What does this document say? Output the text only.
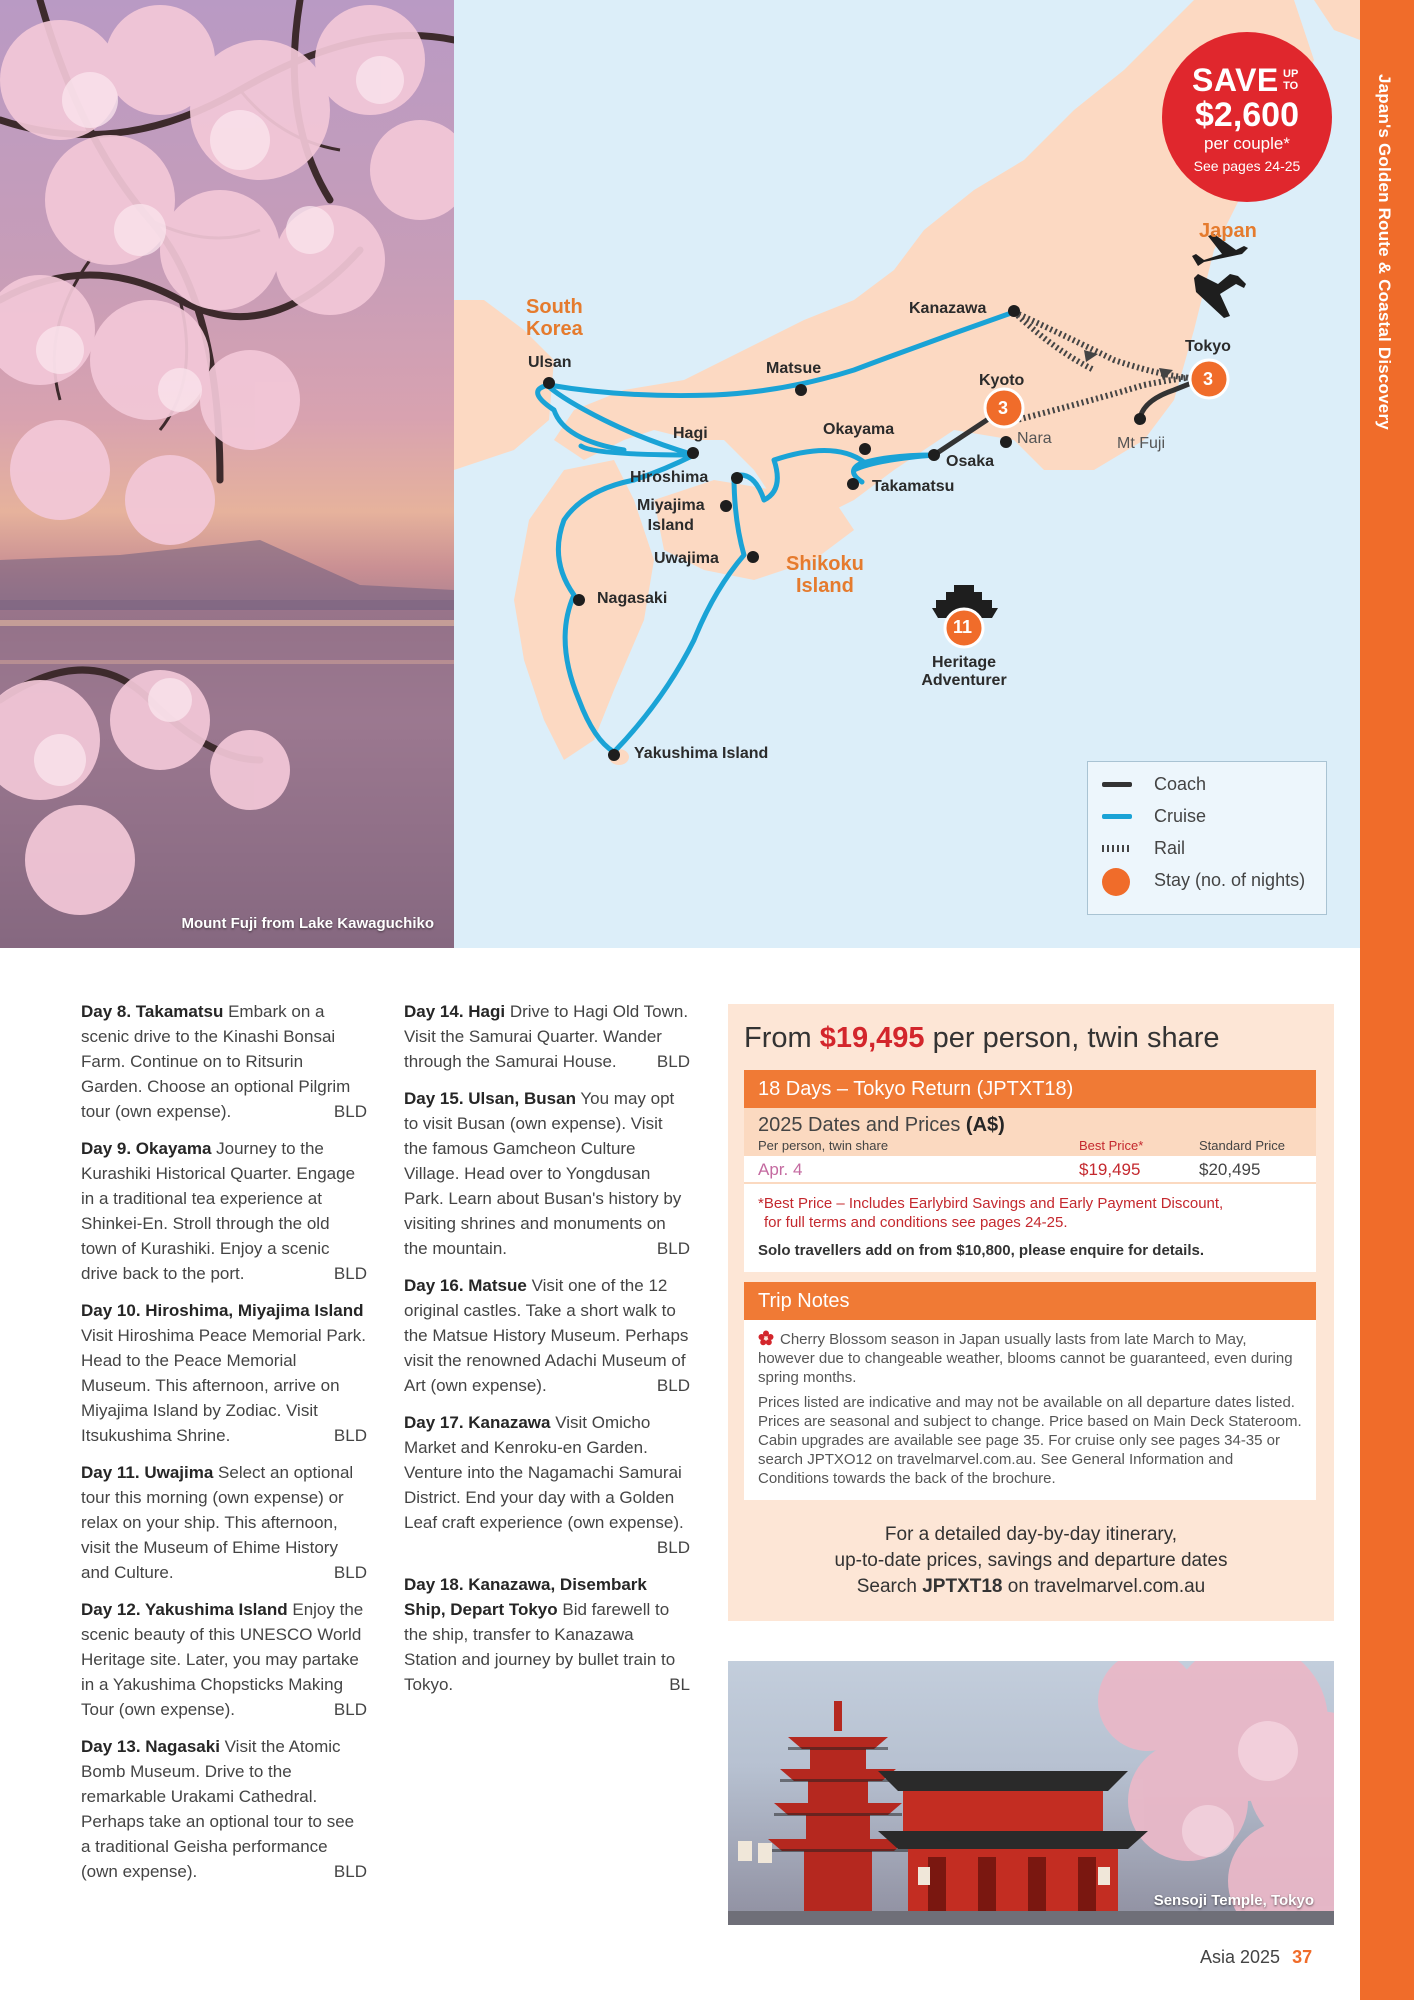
Mount Fuji from Lake Kawaguchiko
South
Korea
Japan
Shikoku
Island
Ulsan	Matsue
Kanazawa
Kyoto
Tokyo
Hagi	Okayama
Hiroshima
Miyajima
Island
Takamatsu
Osaka
Nara	Mt Fuji
Uwajima
Nagasaki
Yakushima Island
Heritage
Adventurer
3
3
11
Coach
Cruise
Rail
Stay (no. of nights)
SAVE UP
TO
$2,600
per couple*
See pages 24-25	Japan's Golden Route & Coastal Discovery
Day 8. Takamatsu Embark on a scenic drive to the Kinashi Bonsai Farm. Continue on to Ritsurin Garden. Choose an optional Pilgrim tour (own expense).	BLD
Day 9. Okayama Journey to the Kurashiki Historical Quarter. Engage in a traditional tea experience at Shinkei-En. Stroll through the old town of Kurashiki. Enjoy a scenic drive back to the port.	BLD
Day 10. Hiroshima, Miyajima Island Visit Hiroshima Peace Memorial Park. Head to the Peace Memorial Museum. This afternoon, arrive on Miyajima Island by Zodiac. Visit Itsukushima Shrine.	BLD
Day 11. Uwajima Select an optional tour this morning (own expense) or relax on your ship. This afternoon, visit the Museum of Ehime History and Culture.	BLD
Day 12. Yakushima Island Enjoy the scenic beauty of this UNESCO World Heritage site. Later, you may partake in a Yakushima Chopsticks Making Tour (own expense).	BLD
Day 13. Nagasaki Visit the Atomic Bomb Museum. Drive to the remarkable Urakami Cathedral. Perhaps take an optional tour to see a traditional Geisha performance (own expense).	BLD
Day 14. Hagi Drive to Hagi Old Town. Visit the Samurai Quarter. Wander through the Samurai House. BLD
Day 15. Ulsan, Busan You may opt to visit Busan (own expense). Visit the famous Gamcheon Culture Village. Head over to Yongdusan Park. Learn about Busan's history by visiting shrines and monuments on the mountain.	BLD
Day 16. Matsue Visit one of the 12 original castles. Take a short walk to the Matsue History Museum. Perhaps visit the renowned Adachi Museum of Art (own expense).	BLD
Day 17. Kanazawa Visit Omicho Market and Kenroku-en Garden. Venture into the Nagamachi Samurai District. End your day with a Golden Leaf craft experience (own expense).
BLD
Day 18. Kanazawa, Disembark Ship, Depart Tokyo Bid farewell to the ship, transfer to Kanazawa Station and journey by bullet train to Tokyo.	BL
From $19,495 per person, twin share
18 Days – Tokyo Return (JPTXT18)
2025 Dates and Prices (A$)
Per person, twin share	Best Price*	Standard Price
Apr. 4	$19,495	$20,495
*Best Price – Includes Earlybird Savings and Early Payment Discount,
for full terms and conditions see pages 24-25.
Solo travellers add on from $10,800, please enquire for details.
Trip Notes

Cherry Blossom season in Japan usually lasts from late March to May, however due to changeable weather, blooms cannot be guaranteed, even during spring months.

Prices listed are indicative and may not be available on all departure dates listed. Prices are seasonal and subject to change. Price based on Main Deck Stateroom. Cabin upgrades are available see page 35. For cruise only see pages 34-35 or search JPTXO12 on travelmarvel.com.au. See General Information and Conditions towards the back of the brochure.

For a detailed day-by-day itinerary,
up-to-date prices, savings and departure dates
Search JPTXT18 on travelmarvel.com.au
Sensoji Temple, Tokyo
Asia 2025 37
